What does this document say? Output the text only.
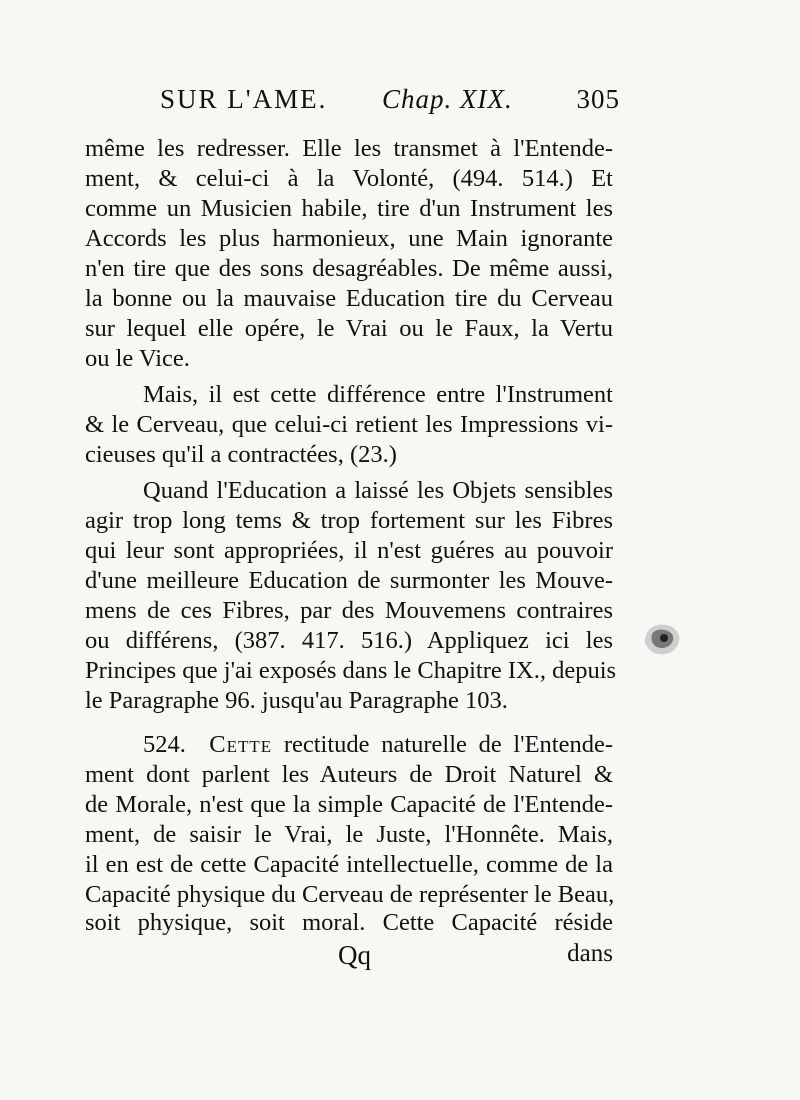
SUR L'AME. Chap. XIX. 305
même les redresser. Elle les transmet à l'Entende-
ment, & celui-ci à la Volonté, (494. 514.) Et
comme un Musicien habile, tire d'un Instrument les
Accords les plus harmonieux, une Main ignorante
n'en tire que des sons desagréables. De même aussi,
la bonne ou la mauvaise Education tire du Cerveau
sur lequel elle opére, le Vrai ou le Faux, la Vertu
ou le Vice.
Mais, il est cette différence entre l'Instrument
& le Cerveau, que celui-ci retient les Impressions vi-
cieuses qu'il a contractées, (23.)
Quand l'Education a laissé les Objets sensibles
agir trop long tems & trop fortement sur les Fibres
qui leur sont appropriées, il n'est guéres au pouvoir
d'une meilleure Education de surmonter les Mouve-
mens de ces Fibres, par des Mouvemens contraires
ou différens, (387. 417. 516.) Appliquez ici les
Principes que j'ai exposés dans le Chapitre IX., depuis
le Paragraphe 96. jusqu'au Paragraphe 103.
524. Cette rectitude naturelle de l'Entende-
ment dont parlent les Auteurs de Droit Naturel &
de Morale, n'est que la simple Capacité de l'Entende-
ment, de saisir le Vrai, le Juste, l'Honnête. Mais,
il en est de cette Capacité intellectuelle, comme de la
Capacité physique du Cerveau de représenter le Beau,
soit physique, soit moral. Cette Capacité réside
Qq	dans
